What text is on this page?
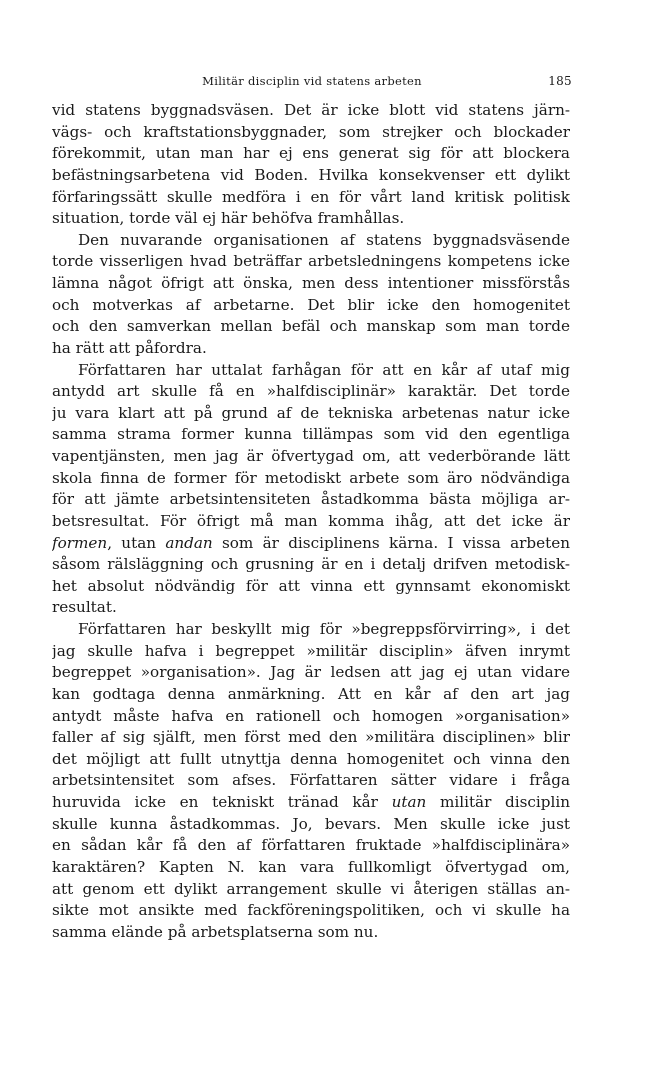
Militär disciplin vid statens arbeten	185
vid statens byggnadsväsen. Det är icke blott vid statens järn-
vägs- och kraftstationsbyggnader, som strejker och blockader
förekommit, utan man har ej ens generat sig för att blockera
befästningsarbetena vid Boden. Hvilka konsekvenser ett dylikt
förfaringssätt skulle medföra i en för vårt land kritisk politisk
situation, torde väl ej här behöfva framhållas.
Den nuvarande organisationen af statens byggnadsväsende
torde visserligen hvad beträffar arbetsledningens kompetens icke
lämna något öfrigt att önska, men dess intentioner missförstås
och motverkas af arbetarne. Det blir icke den homogenitet
och den samverkan mellan befäl och manskap som man torde
ha rätt att påfordra.
Författaren har uttalat farhågan för att en kår af utaf mig
antydd art skulle få en »halfdisciplinär» karaktär. Det torde
ju vara klart att på grund af de tekniska arbetenas natur icke
samma strama former kunna tillämpas som vid den egentliga
vapentjänsten, men jag är öfvertygad om, att vederbörande lätt
skola finna de former för metodiskt arbete som äro nödvändiga
för att jämte arbetsintensiteten åstadkomma bästa möjliga ar-
betsresultat. För öfrigt må man komma ihåg, att det icke är
formen, utan andan som är disciplinens kärna. I vissa arbeten
såsom rälsläggning och grusning är en i detalj drifven metodisk-
het absolut nödvändig för att vinna ett gynnsamt ekonomiskt
resultat.
Författaren har beskyllt mig för »begreppsförvirring», i det
jag skulle hafva i begreppet »militär disciplin» äfven inrymt
begreppet »organisation». Jag är ledsen att jag ej utan vidare
kan godtaga denna anmärkning. Att en kår af den art jag
antydt måste hafva en rationell och homogen »organisation»
faller af sig själft, men först med den »militära disciplinen» blir
det möjligt att fullt utnyttja denna homogenitet och vinna den
arbetsintensitet som afses. Författaren sätter vidare i fråga
huruvida icke en tekniskt tränad kår utan militär disciplin
skulle kunna åstadkommas. Jo, bevars. Men skulle icke just
en sådan kår få den af författaren fruktade »halfdisciplinära»
karaktären? Kapten N. kan vara fullkomligt öfvertygad om,
att genom ett dylikt arrangement skulle vi återigen ställas an-
sikte mot ansikte med fackföreningspolitiken, och vi skulle ha
samma elände på arbetsplatserna som nu.
